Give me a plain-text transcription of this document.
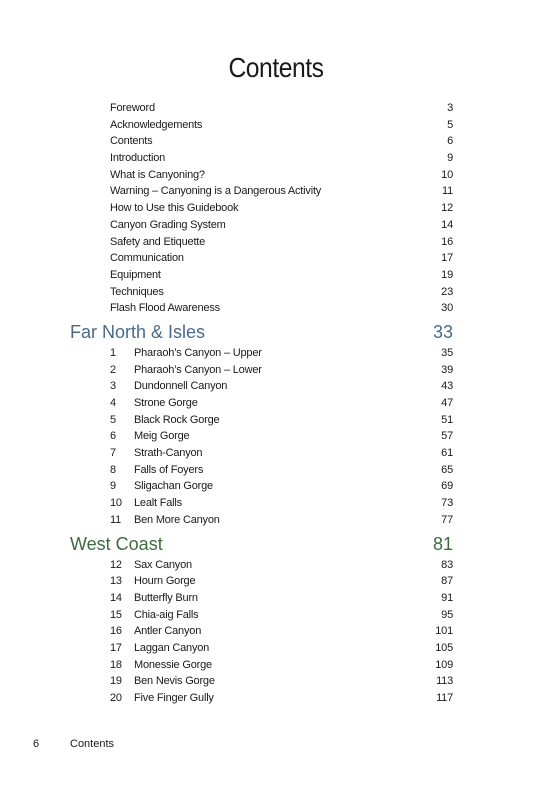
Contents
Foreword	3
Acknowledgements	5
Contents	6
Introduction	9
What is Canyoning?	10
Warning – Canyoning is a Dangerous Activity	11
How to Use this Guidebook	12
Canyon Grading System	14
Safety and Etiquette	16
Communication	17
Equipment	19
Techniques	23
Flash Flood Awareness	30
Far North & Isles	33
1	Pharaoh’s Canyon – Upper	35
2	Pharaoh’s Canyon – Lower	39
3	Dundonnell Canyon	43
4	Strone Gorge	47
5	Black Rock Gorge	51
6	Meig Gorge	57
7	Strath-Canyon	61
8	Falls of Foyers	65
9	Sligachan Gorge	69
10	Lealt Falls	73
11	Ben More Canyon	77
West Coast	81
12	Sax Canyon	83
13	Hourn Gorge	87
14	Butterfly Burn	91
15	Chia-aig Falls	95
16	Antler Canyon	101
17	Laggan Canyon	105
18	Monessie Gorge	109
19	Ben Nevis Gorge	113
20	Five Finger Gully	117
6	Contents
